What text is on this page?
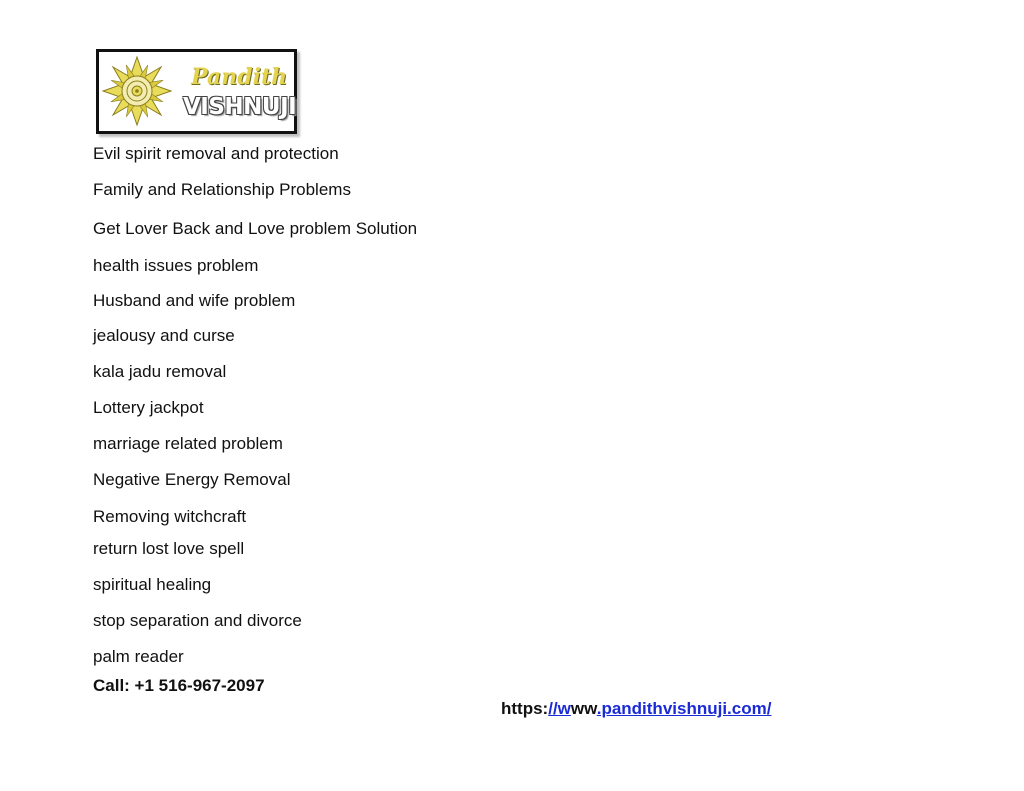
Pandith
VISHNUJI
Evil spirit removal and protection
Family and Relationship Problems
Get Lover Back and Love problem Solution
health issues problem
Husband and wife problem
jealousy and curse
kala jadu removal
Lottery jackpot
marriage related problem
Negative Energy Removal
Removing witchcraft
return lost love spell
spiritual healing
stop separation and divorce
palm reader
Call: +1 516-967-2097
https://www.pandithvishnuji.com/
